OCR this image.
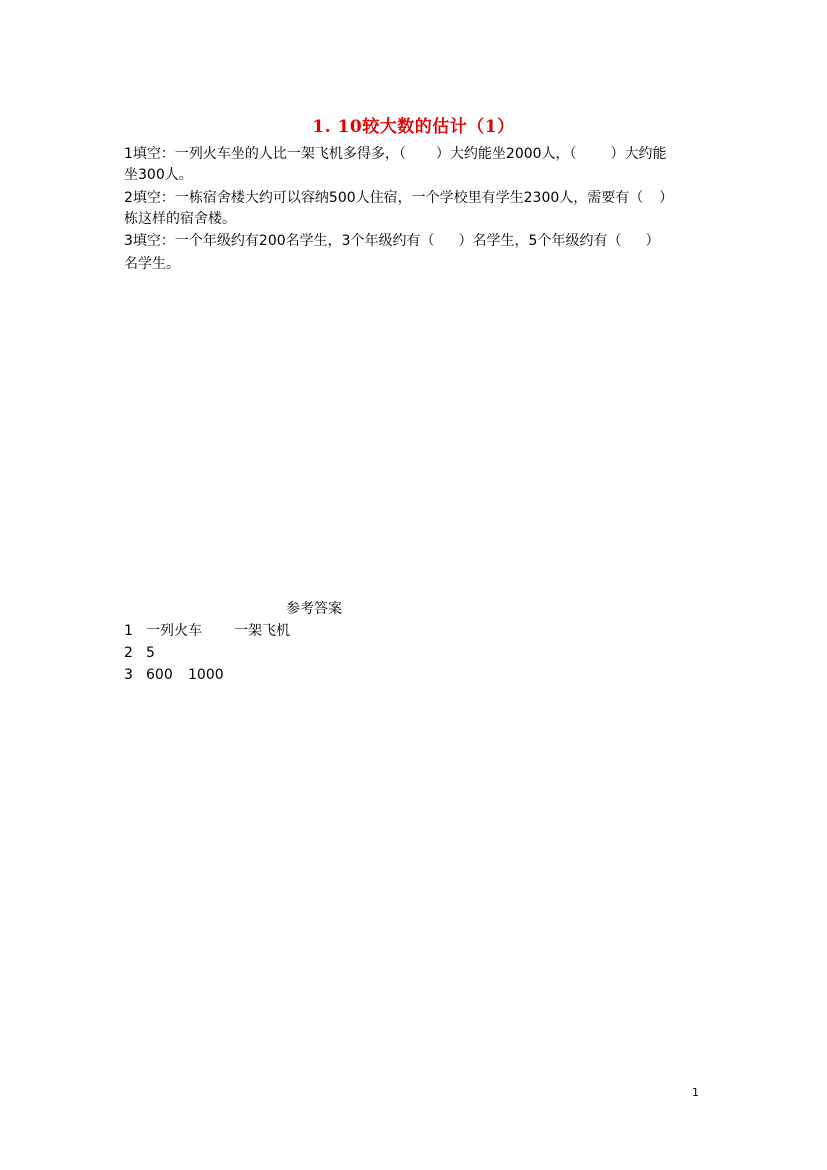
1. 10较大数的估计（1）
1填空：一列火车坐的人比一架飞机多得多，（ ）大约能坐2000人，（ ）大约能
坐300人。
2填空：一栋宿舍楼大约可以容纳500人住宿，一个学校里有学生2300人，需要有（ ）
栋这样的宿舍楼。
3填空：一个年级约有200名学生，3个年级约有（ ）名学生，5个年级约有（ ）
名学生。
参考答案
1 一列火车 一架飞机
2 5
3 600 1000
1
